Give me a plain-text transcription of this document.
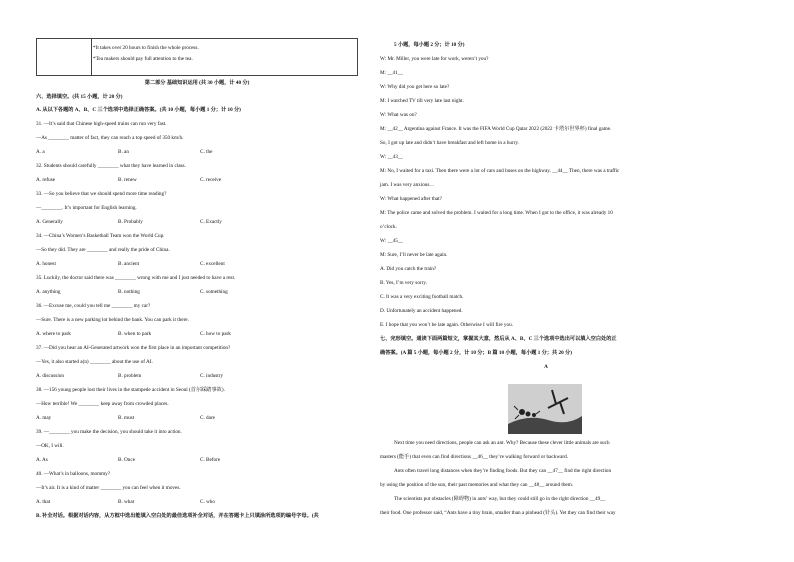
*It takes over 20 hours to finish the whole process.
*Tea makers should pay full attention to the tea.
第二部分 基础知识运用 (共 30 小题，计 40 分)
六、选择填空。(共 15 小题，计 20 分)
A. 从以下各题的 A、B、C 三个选项中选择正确答案。(共 10 小题，每小题 1 分；计 10 分)
31. —It’s said that Chinese high-speed trains can run very fast.
—As ________ matter of fact, they can reach a top speed of 350 km/h.
A. a	B. an	C. the
32. Students should carefully ________ what they have learned in class.
A. refuse	B. renew	C. receive
33. —So you believe that we should spend more time reading?
—________. It’s important for English learning.
A. Generally	B. Probably	C. Exactly
34. —China’s Women’s Basketball Team won the World Cup.
—So they did. They are ________ and really the pride of China.
A. honest	B. ancient	C. excellent
35. Luckily, the doctor said there was ________ wrong with me and I just needed to have a rest.
A. anything	B. nothing	C. something
36. —Excuse me, could you tell me ________ my car?
—Sure. There is a new parking lot behind the bank. You can park it there.
A. where to park	B. when to park	C. how to park
37. —Did you hear an AI-Generated artwork won the first place in an important competition?
—Yes, it also started a(n) ________ about the use of AI.
A. discussion	B. problem	C. industry
38. —156 young people lost their lives in the stampede accident in Seoul (首尔踩踏事故).
—How terrible! We ________ keep away from crowded places.
A. may	B. must	C. dare
39. —________ you make the decision, you should take it into action.
—OK, I will.
A. As	B. Once	C. Before
40. —What’s in balloons, mommy?
—It’s air. It is a kind of matter ________ you can feel when it moves.
A. that	B. what	C. who
B. 补全对话。根据对话内容，从方框中选出能填入空白处的最佳选项补全对话，并在答题卡上只填涂所选项的编号字母。(共
5 小题，每小题 2 分；计 10 分)
W: Mr. Miller, you were late for work, weren’t you?
M: __41__
W: Why did you get here so late?
M: I watched TV till very late last night.
W: What was on?
M: __42__ Argentina against France. It was the FIFA World Cup Qatar 2022 (2022 卡塔尔世界杯) final game.
So, I got up late and didn’t have breakfast and left home in a hurry.
W: __43__
M: No, I waited for a taxi. Then there were a lot of cars and buses on the highway. __44__ Then, there was a traffic
jam. I was very anxious…
W: What happened after that?
M: The police came and solved the problem. I waited for a long time. When I got to the office, it was already 10
o’clock.
W: __45__
M: Sure, I’ll never be late again.
A. Did you catch the train?
B. Yes, I’m very sorry.
C. It was a very exciting football match.
D. Unfortunately an accident happened.
E. I hope that you won’t be late again. Otherwise I will fire you.
七、完形填空。通读下面两篇短文，掌握其大意，然后从 A、B、C 三个选项中选出可以填入空白处的正
确答案。(A 篇 5 小题，每小题 2 分，计 10 分；B 篇 10 小题，每小题 1 分；共 20 分)
A
Next time you need directions, people can ask an ant. Why? Because these clever little animals are such
masters (能手) that even can find directions __46__ they’re walking forward or backward.
Ants often travel long distances when they’re finding foods. But they can __47__ find the right direction
by using the position of the sun, their past memories and what they can __48__ around them.
The scientists put obstacles (障碍物) in ants’ way, but they could still go in the right direction __49__
their food. One professor said, “Ants have a tiny brain, smaller than a pinhead (针头). Yet they can find their way
